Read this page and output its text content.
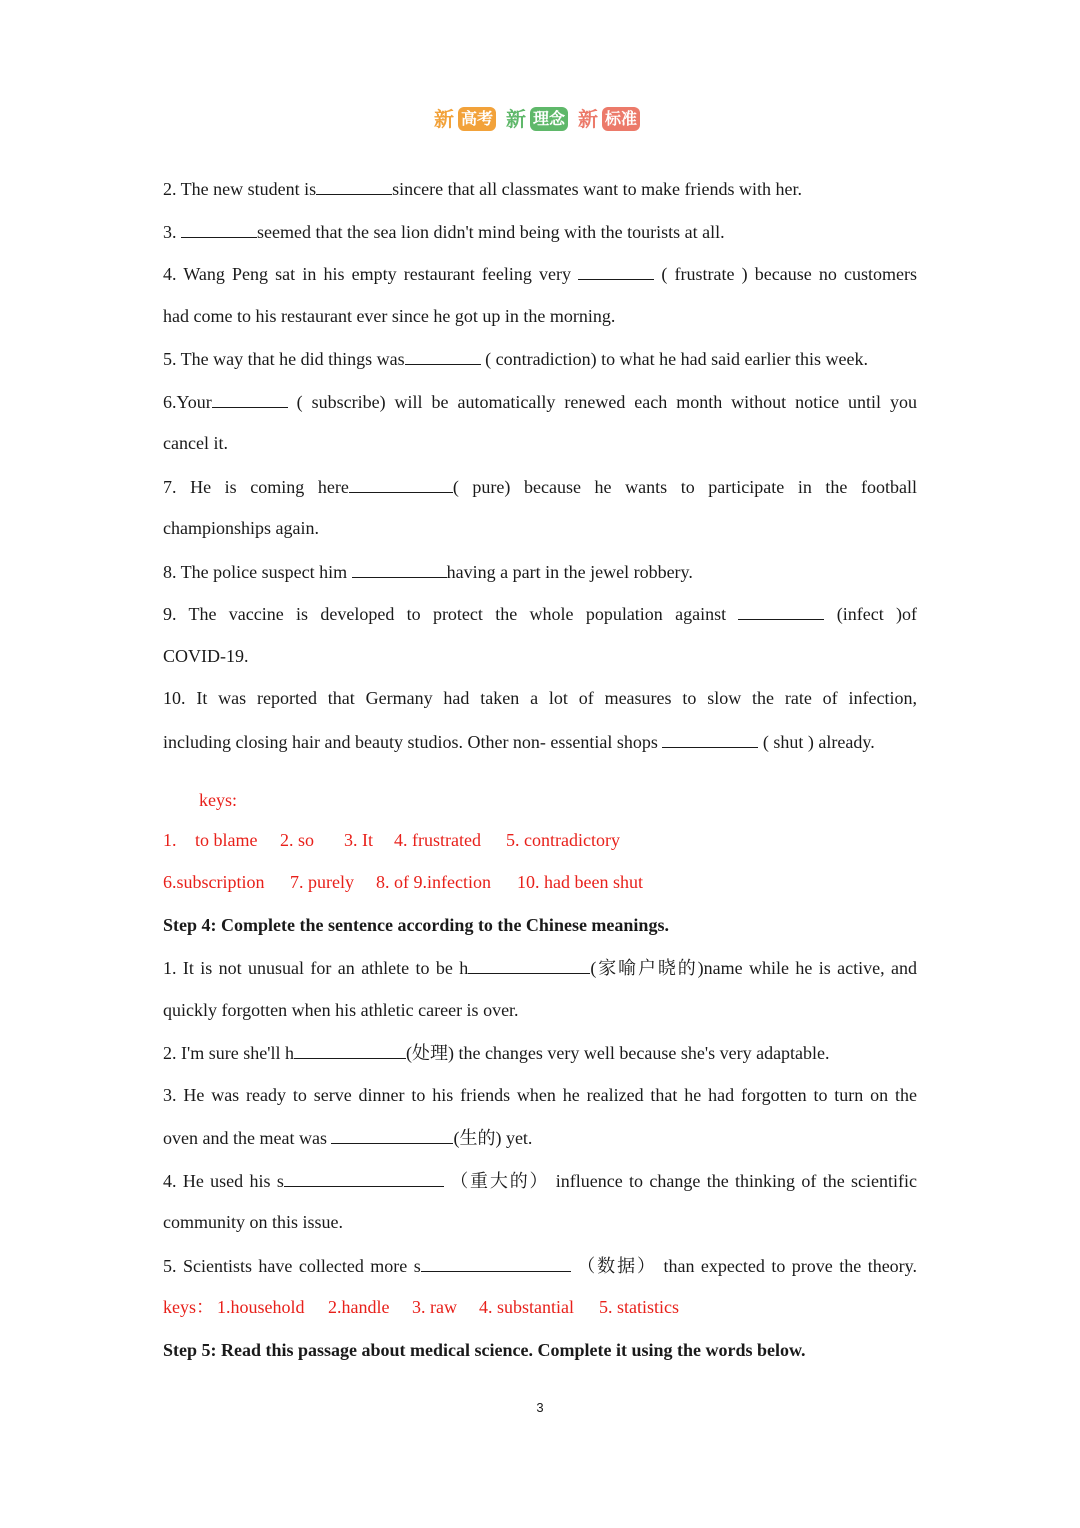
新 高考 新 理念 新 标准
2. The new student is	sincere that all classmates want to make friends with her.
3.	seemed that the sea lion didn't mind being with the tourists at all.
4. Wang Peng sat in his empty restaurant feeling very	( frustrate ) because no customers
had come to his restaurant ever since he got up in the morning.
5. The way that he did things was	( contradiction) to what he had said earlier this week.
6.Your	( subscribe) will be automatically renewed each month without notice until you
cancel it.
7. He is coming here	( pure) because he wants to participate in the football
championships again.
8. The police suspect him	having a part in the jewel robbery.
9. The vaccine is developed to protect the whole population against	(infect )of
COVID-19.
10. It was reported that Germany had taken a lot of measures to slow the rate of infection,
including closing hair and beauty studios. Other non- essential shops	( shut ) already.
keys:
1. to blame 2. so 3. It 4. frustrated 5. contradictory
6.subscription 7. purely 8. of 9.infection 10. had been shut
Step 4: Complete the sentence according to the Chinese meanings.
1. It is not unusual for an athlete to be h	(家喻户晓的)name while he is active, and
quickly forgotten when his athletic career is over.
2. I'm sure she'll h	(处理) the changes very well because she's very adaptable.
3. He was ready to serve dinner to his friends when he realized that he had forgotten to turn on the
oven and the meat was	(生的) yet.
4. He used his s	（重大的） influence to change the thinking of the scientific
community on this issue.
5. Scientists have collected more s	（数据） than expected to prove the theory.
keys： 1.household 2.handle 3. raw 4. substantial 5. statistics
Step 5: Read this passage about medical science. Complete it using the words below.
3
